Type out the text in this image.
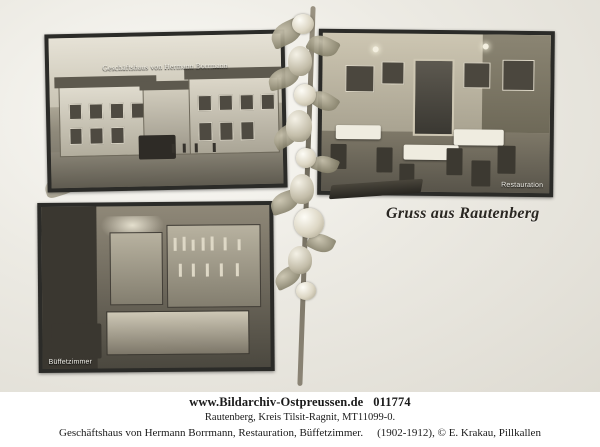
Geschäftshaus von Hermann Borrmann
Restauration
Büffetzimmer
Gruss aus Rautenberg
www.Bildarchiv-Ostpreussen.de 011774
Rautenberg, Kreis Tilsit-Ragnit, MT11099-0.
Geschäftshaus von Hermann Borrmann, Restauration, Büffetzimmer. (1902-1912), © E. Krakau, Pillkallen
